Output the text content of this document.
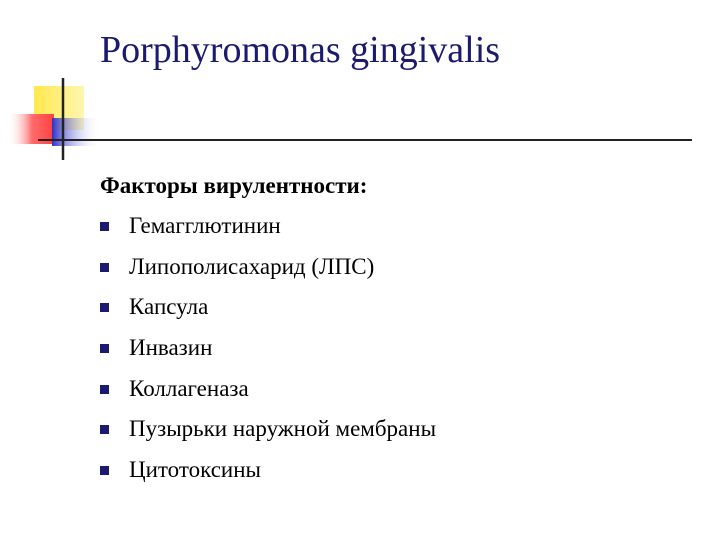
Porphyromonas gingivalis
Факторы вирулентности:
Гемагглютинин
Липополисахарид (ЛПС)
Капсула
Инвазин
Коллагеназа
Пузырьки наружной мембраны
Цитотоксины
